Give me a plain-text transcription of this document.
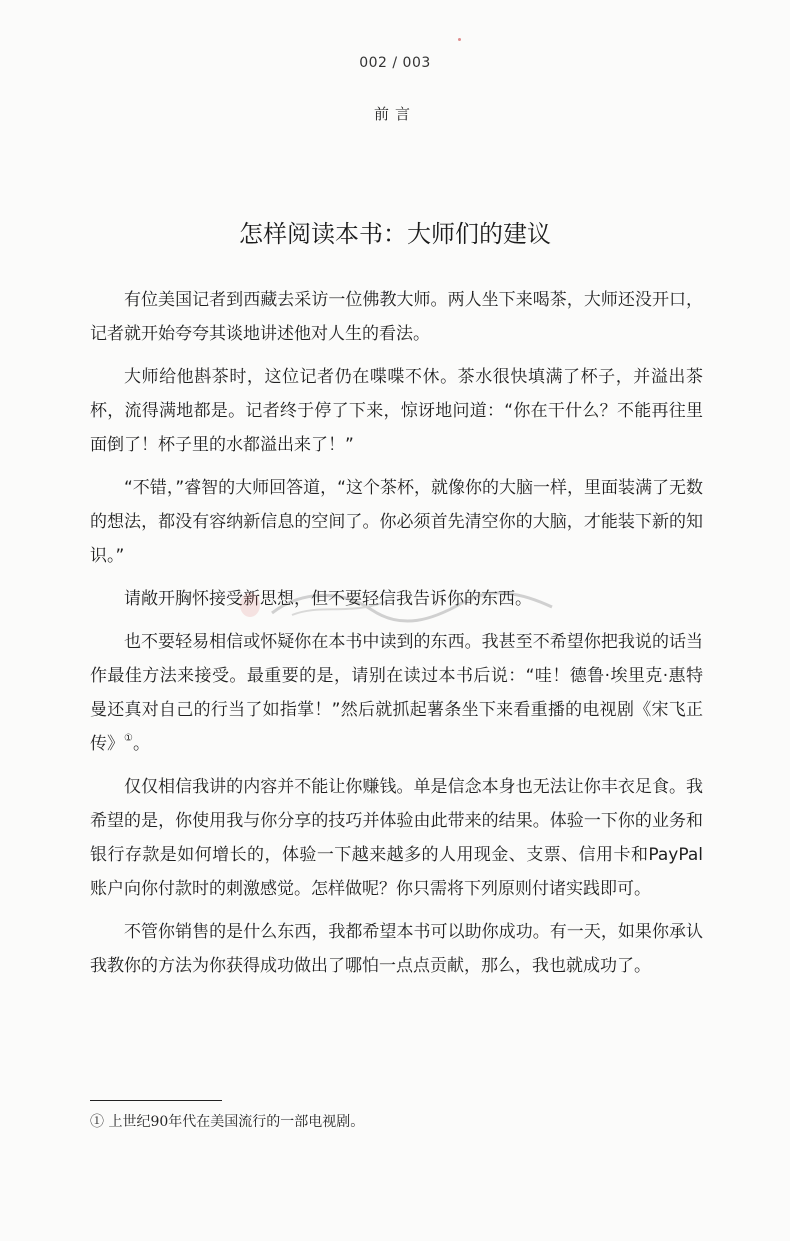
002 / 003
前言
怎样阅读本书：大师们的建议

有位美国记者到西藏去采访一位佛教大师。两人坐下来喝茶，大师还没开口，记者就开始夸夸其谈地讲述他对人生的看法。

大师给他斟茶时，这位记者仍在喋喋不休。茶水很快填满了杯子，并溢出茶杯，流得满地都是。记者终于停了下来，惊讶地问道：“你在干什么？不能再往里面倒了！杯子里的水都溢出来了！”

“不错，”睿智的大师回答道，“这个茶杯，就像你的大脑一样，里面装满了无数的想法，都没有容纳新信息的空间了。你必须首先清空你的大脑，才能装下新的知识。”

请敞开胸怀接受新思想，但不要轻信我告诉你的东西。

也不要轻易相信或怀疑你在本书中读到的东西。我甚至不希望你把我说的话当作最佳方法来接受。最重要的是，请别在读过本书后说：“哇！德鲁·埃里克·惠特曼还真对自己的行当了如指掌！”然后就抓起薯条坐下来看重播的电视剧《宋飞正传》①。

仅仅相信我讲的内容并不能让你赚钱。单是信念本身也无法让你丰衣足食。我希望的是，你使用我与你分享的技巧并体验由此带来的结果。体验一下你的业务和银行存款是如何增长的，体验一下越来越多的人用现金、支票、信用卡和PayPal账户向你付款时的刺激感觉。怎样做呢？你只需将下列原则付诸实践即可。

不管你销售的是什么东西，我都希望本书可以助你成功。有一天，如果你承认我教你的方法为你获得成功做出了哪怕一点点贡献，那么，我也就成功了。

① 上世纪90年代在美国流行的一部电视剧。
